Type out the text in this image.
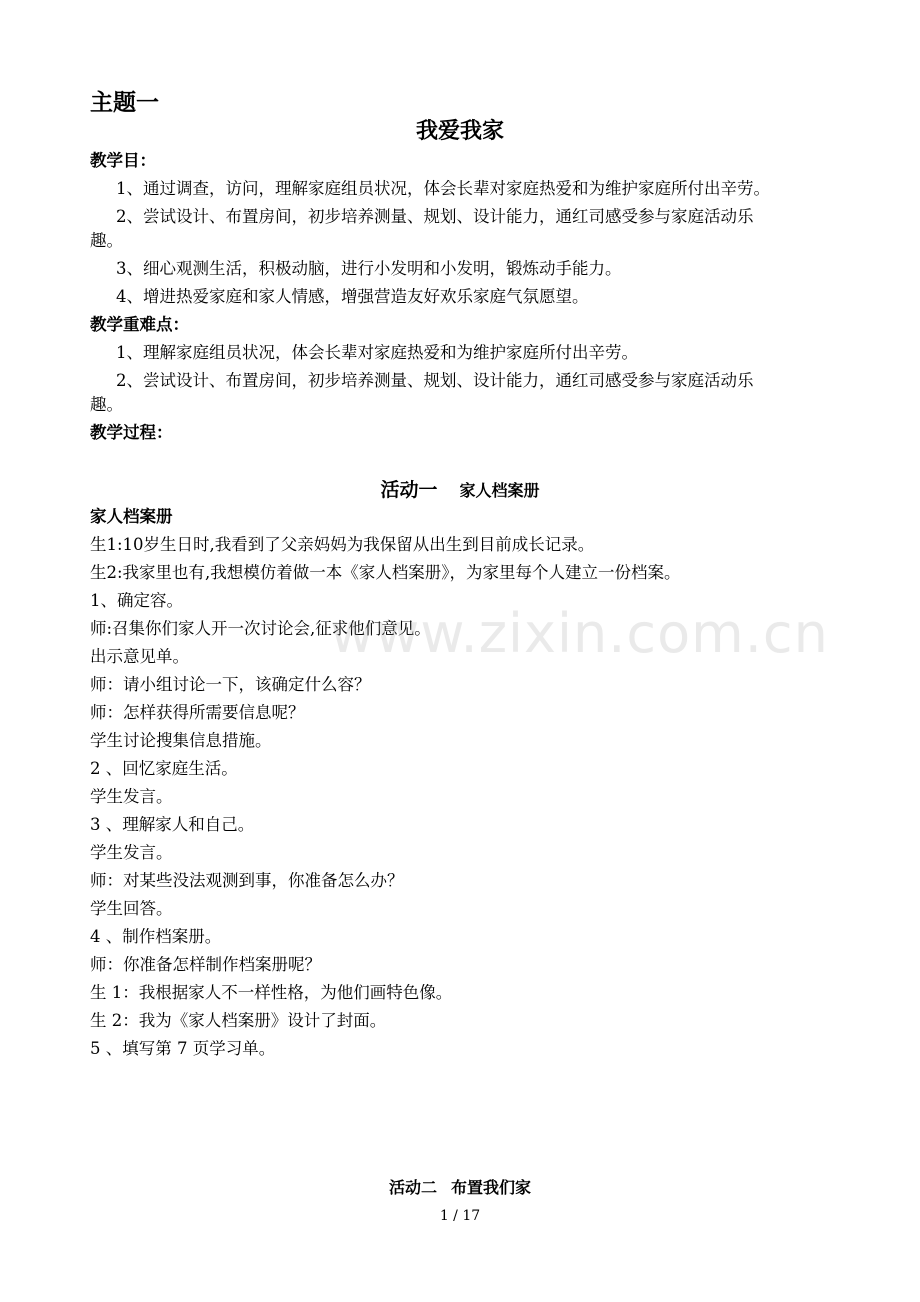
主题一
我爱我家
教学目：
1、通过调查，访问，理解家庭组员状况，体会长辈对家庭热爱和为维护家庭所付出辛劳。
2、尝试设计、布置房间，初步培养测量、规划、设计能力，通红司感受参与家庭活动乐
趣。
3、细心观测生活，积极动脑，进行小发明和小发明，锻炼动手能力。
4、增进热爱家庭和家人情感，增强营造友好欢乐家庭气氛愿望。
教学重难点：
1、理解家庭组员状况，体会长辈对家庭热爱和为维护家庭所付出辛劳。
2、尝试设计、布置房间，初步培养测量、规划、设计能力，通红司感受参与家庭活动乐
趣。
教学过程：
活动一 家人档案册
家人档案册
生1:10岁生日时,我看到了父亲妈妈为我保留从出生到目前成长记录。
生2:我家里也有,我想模仿着做一本《家人档案册》，为家里每个人建立一份档案。
1、确定容。
师:召集你们家人开一次讨论会,征求他们意见。
出示意见单。
师：请小组讨论一下，该确定什么容？
师：怎样获得所需要信息呢？
学生讨论搜集信息措施。
2 、回忆家庭生活。
学生发言。
3 、理解家人和自己。
学生发言。
师：对某些没法观测到事，你准备怎么办？
学生回答。
4 、制作档案册。
师：你准备怎样制作档案册呢？
生 1：我根据家人不一样性格，为他们画特色像。
生 2：我为《家人档案册》设计了封面。
5 、填写第 7 页学习单。
活动二 布置我们家
1 / 17
www.zixin.com.cn
